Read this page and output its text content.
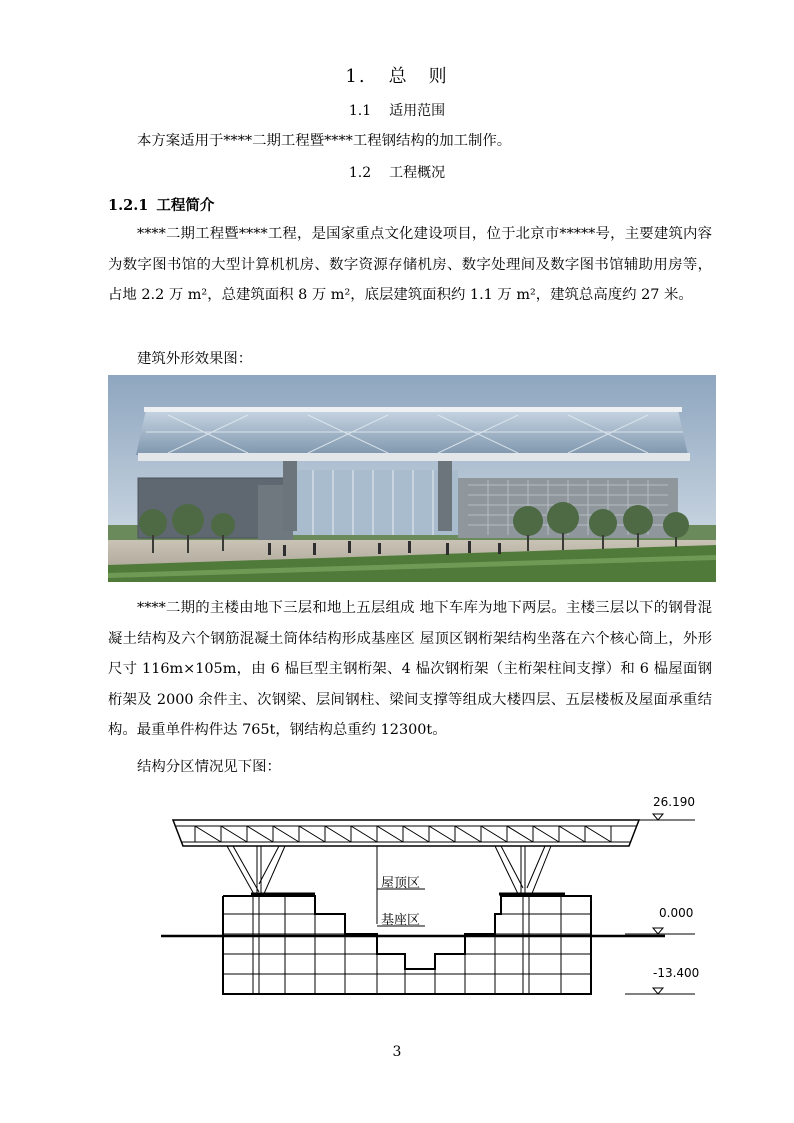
1. 总　则
1.1 适用范围
本方案适用于****二期工程暨****工程钢结构的加工制作。
1.2 工程概况
1.2.1 工程简介
****二期工程暨****工程，是国家重点文化建设项目，位于北京市*****号，主要建筑内容为数字图书馆的大型计算机机房、数字资源存储机房、数字处理间及数字图书馆辅助用房等，占地 2.2 万 m²，总建筑面积 8 万 m²，底层建筑面积约 1.1 万 m²，建筑总高度约 27 米。
建筑外形效果图：
****二期的主楼由地下三层和地上五层组成 地下车库为地下两层。主楼三层以下的钢骨混凝土结构及六个钢筋混凝土筒体结构形成基座区 屋顶区钢桁架结构坐落在六个核心筒上，外形尺寸 116m×105m，由 6 榀巨型主钢桁架、4 榀次钢桁架（主桁架柱间支撑）和 6 榀屋面钢桁架及 2000 余件主、次钢梁、层间钢柱、梁间支撑等组成大楼四层、五层楼板及屋面承重结构。最重单件构件达 765t，钢结构总重约 12300t。
结构分区情况见下图：
26.190
0.000
-13.400
屋顶区
基座区
3
